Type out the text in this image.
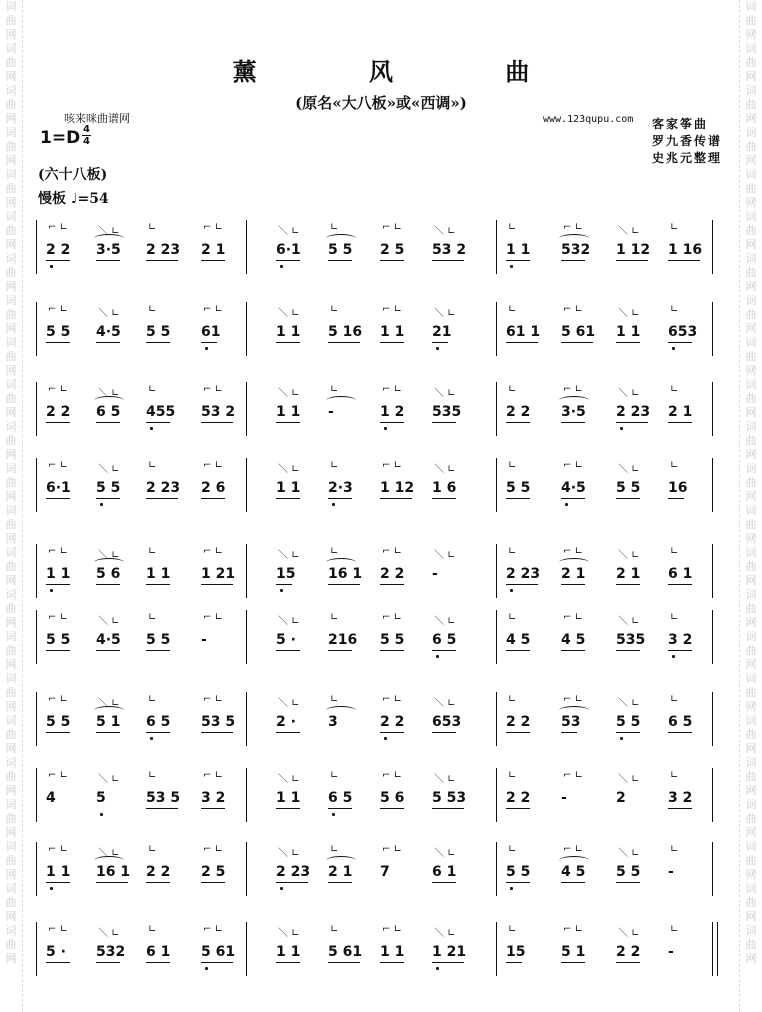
词
曲
网
词
曲
网
词
曲
网
词
曲
网
词
曲
网
词
曲
网
词
曲
网
词
曲
网
词
曲
网
词
曲
网
词
曲
网
词
曲
网
词
曲
网
词
曲
网
词
曲
网
词
曲
网
词
曲
网
词
曲
网
词
曲
网
词
曲
网
词
曲
网
词
曲
网
词
曲
网
词
曲
网
词
曲
网
词
曲
网
词
曲
网
词
曲
网
词
曲
网
词
曲
网
词
曲
网
词
曲
网
词
曲
网
词
曲
网
词
曲
网
词
曲
网
词
曲
网
词
曲
网
词
曲
网
词
曲
网
词
曲
网
词
曲
网
词
曲
网
词
曲
网
词
曲
网
词
曲
网
薰 风 曲
(原名«大八板»或«西调»)
咳来咪曲谱网	www.123qupu.com
1=D 4
4
客家筝曲
罗九香传谱
史兆元整理
(六十八板)
慢板 ♩=54
2 2
⌐ ∟
3·5
＼ ∟
2 23
∟
2 1
⌐ ∟
6·1
＼ ∟
5 5
∟
2 5
⌐ ∟
53 2
＼ ∟
1 1
∟
532
⌐ ∟
1 12
＼ ∟
1 16
∟
5 5
⌐ ∟
4·5
＼ ∟
5 5
∟
61
⌐ ∟
1 1
＼ ∟
5 16
∟
1 1
⌐ ∟
21
＼ ∟
61 1
∟
5 61
⌐ ∟
1 1
＼ ∟
653
∟
2 2
⌐ ∟
6 5
＼ ∟
455
∟
53 2
⌐ ∟
1 1
＼ ∟
-
∟
1 2
⌐ ∟
535
＼ ∟
2 2
∟
3·5
⌐ ∟
2 23
＼ ∟
2 1
∟
6·1
⌐ ∟
5 5
＼ ∟
2 23
∟
2 6
⌐ ∟
1 1
＼ ∟
2·3
∟
1 12
⌐ ∟
1 6
＼ ∟
5 5
∟
4·5
⌐ ∟
5 5
＼ ∟
16
∟
1 1
⌐ ∟
5 6
＼ ∟
1 1
∟
1 21
⌐ ∟
15
＼ ∟
16 1
∟
2 2
⌐ ∟
-
＼ ∟
2 23
∟
2 1
⌐ ∟
2 1
＼ ∟
6 1
∟
5 5
⌐ ∟
4·5
＼ ∟
5 5
∟
-
⌐ ∟
5 ·
＼ ∟
216
∟
5 5
⌐ ∟
6 5
＼ ∟
4 5
∟
4 5
⌐ ∟
535
＼ ∟
3 2
∟
5 5
⌐ ∟
5 1
＼ ∟
6 5
∟
53 5
⌐ ∟
2 ·
＼ ∟
3
∟
2 2
⌐ ∟
653
＼ ∟
2 2
∟
53
⌐ ∟
5 5
＼ ∟
6 5
∟
4
⌐ ∟
5
＼ ∟
53 5
∟
3 2
⌐ ∟
1 1
＼ ∟
6 5
∟
5 6
⌐ ∟
5 53
＼ ∟
2 2
∟
-
⌐ ∟
2
＼ ∟
3 2
∟
1 1
⌐ ∟
16 1
＼ ∟
2 2
∟
2 5
⌐ ∟
2 23
＼ ∟
2 1
∟
7
⌐ ∟
6 1
＼ ∟
5 5
∟
4 5
⌐ ∟
5 5
＼ ∟
-
∟
5 ·
⌐ ∟
532
＼ ∟
6 1
∟
5 61
⌐ ∟
1 1
＼ ∟
5 61
∟
1 1
⌐ ∟
1 21
＼ ∟
15
∟
5 1
⌐ ∟
2 2
＼ ∟
-
∟
